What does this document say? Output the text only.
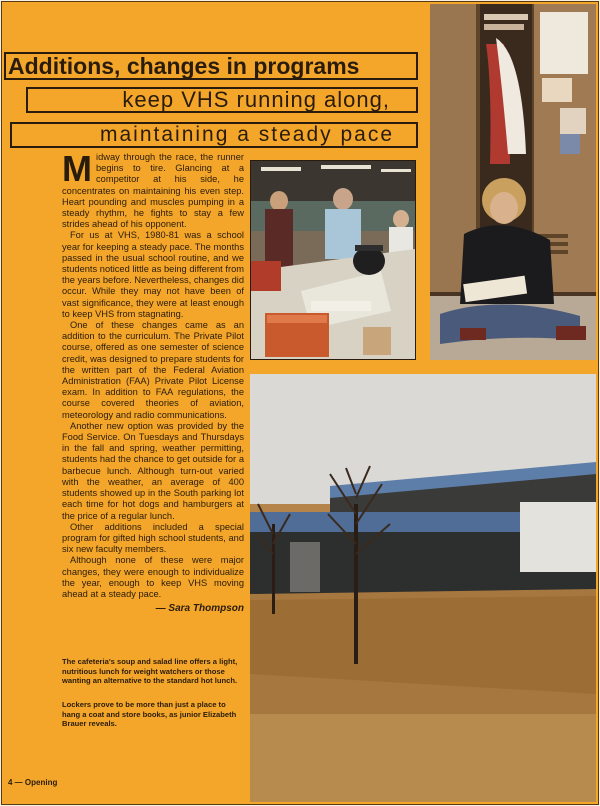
Additions, changes in programs
keep VHS running along,
maintaining a steady pace

Midway through the race, the runner begins to tire. Glancing at a competitor at his side, he concentrates on maintaining his even step. Heart pounding and muscles pumping in a steady rhythm, he fights to stay a few strides ahead of his opponent.

For us at VHS, 1980-81 was a school year for keeping a steady pace. The months passed in the usual school routine, and we students noticed little as being different from the years before. Nevertheless, changes did occur. While they may not have been of vast significance, they were at least enough to keep VHS from stagnating.

One of these changes came as an addition to the curriculum. The Private Pilot course, offered as one semester of science credit, was designed to prepare students for the written part of the Federal Aviation Administration (FAA) Private Pilot License exam. In addition to FAA regulations, the course covered theories of aviation, meteorology and radio communications.

Another new option was provided by the Food Service. On Tuesdays and Thursdays in the fall and spring, weather permitting, students had the chance to get outside for a barbecue lunch. Although turn-out varied with the weather, an average of 400 students showed up in the South parking lot each time for hot dogs and hamburgers at the price of a regular lunch.

Other additions included a special program for gifted high school students, and six new faculty members.

Although none of these were major changes, they were enough to individualize the year, enough to keep VHS moving ahead at a steady pace.

— Sara Thompson
The cafeteria's soup and salad line offers a light, nutritious lunch for weight watchers or those wanting an alternative to the standard hot lunch.
Lockers prove to be more than just a place to hang a coat and store books, as junior Elizabeth Brauer reveals.
4 — Opening
